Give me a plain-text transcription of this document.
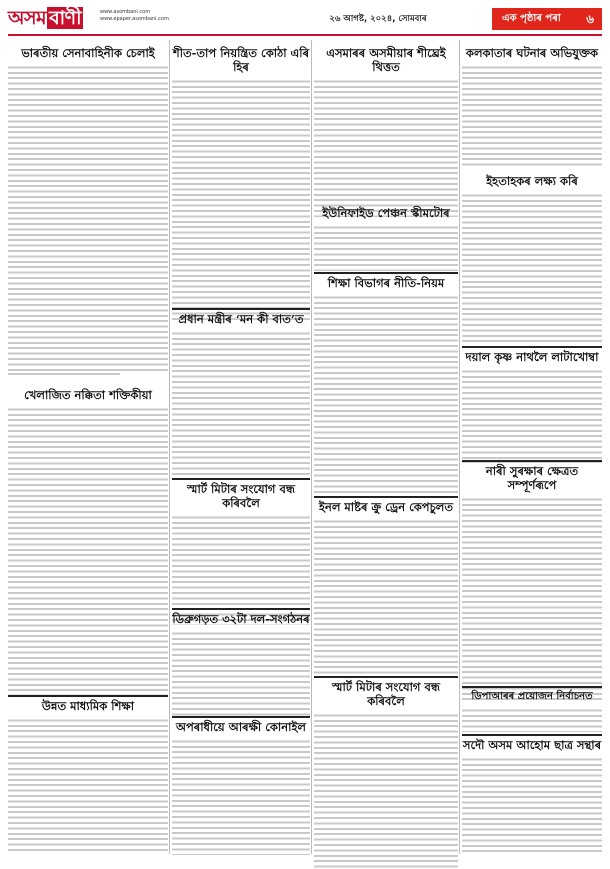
অসম বাণী	www.asombani.com
www.epaper.asombani.com	২৬ আগষ্ট, ২০২৪, সোমবাৰ	এক পৃষ্ঠাৰ পৰা ৬
ভাৰতীয় সেনাবাহিনীক চেলাই
খেলাজিত নক্কিতা শক্তিকীয়া
উন্নত মাধ্যমিক শিক্ষা
শীত-তাপ নিয়ন্ত্ৰিত কোঠা এৰি হিৰ
প্ৰধান মন্ত্ৰীৰ ‘মন কী বাত’ত
স্মাৰ্ট মিটাৰ সংযোগ বন্ধ কৰিবলৈ
ডিব্ৰুগড়ত ৩২টা দল-সংগঠনৰ
অপৰাধীয়ে আৰক্ষী কোনাইল
এসমাৰৰ অসমীয়াৰ শীঘ্ৰেই থিত্তত
ইউনিফাইড পেঞ্চন স্কীমটোৰ
শিক্ষা বিভাগৰ নীতি-নিয়ম
ইনল মাষ্টৰ ক্ৰু ড্ৰেন কেপচুলত
স্মাৰ্ট মিটাৰ সংযোগ বন্ধ কৰিবলৈ
কলকাতাৰ ঘটনাৰ অভিযুক্তক
ইহতাহকৰ লক্ষ্য কৰি
দয়াল কৃষ্ণ নাথলৈ লাটাখোম্বা
নাৰী সুৰক্ষাৰ ক্ষেত্ৰত সম্পূৰ্ণৰূপে
ডিপাআৰৰ প্ৰয়োজন নিৰ্বাচনত
সদৌ অসম আহোম ছাত্ৰ সন্থাৰ
